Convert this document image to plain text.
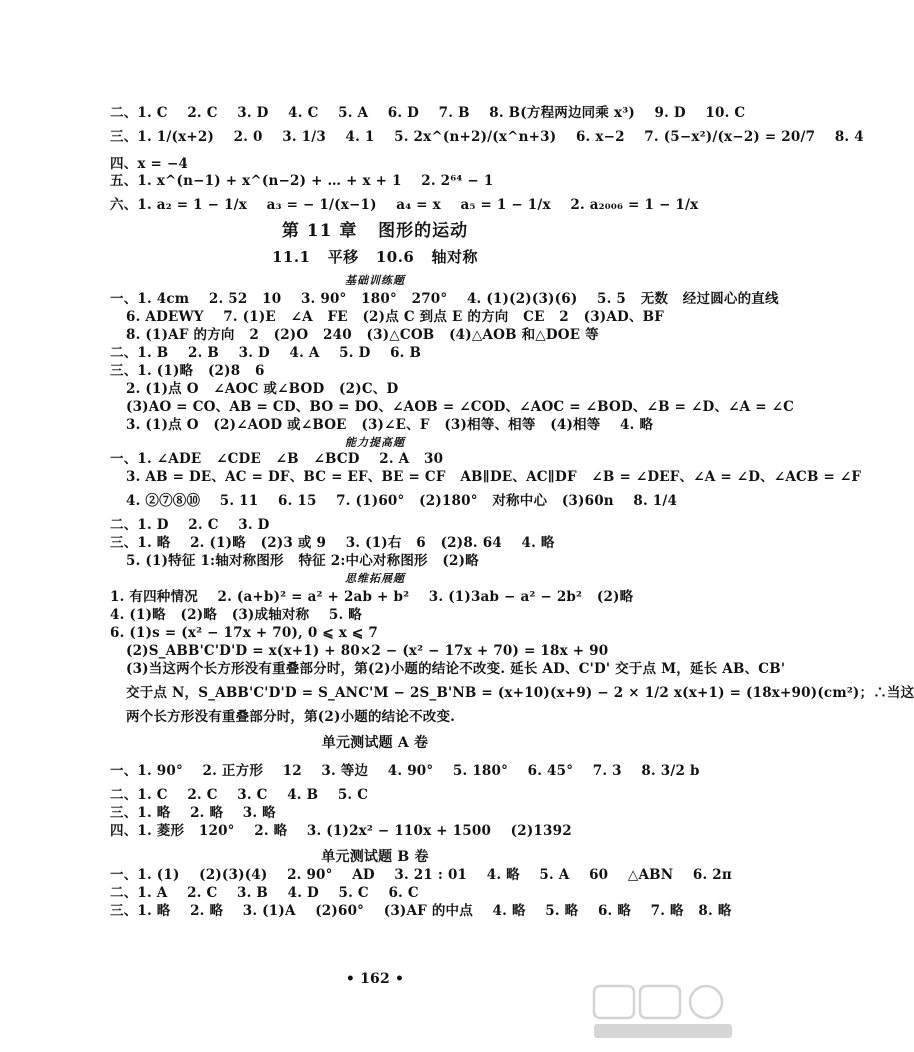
二、1. C    2. C    3. D    4. C    5. A    6. D    7. B    8. B(方程两边同乘 x³)    9. D    10. C
三、1. 1/(x+2)    2. 0    3. 1/3    4. 1    5. 2x^(n+2)/(x^n+3)    6. x−2    7. (5−x²)/(x−2) = 20/7    8. 4
四、x = −4
五、1. x^(n−1) + x^(n−2) + … + x + 1    2. 2⁶⁴ − 1
六、1. a₂ = 1 − 1/x    a₃ = − 1/(x−1)    a₄ = x    a₅ = 1 − 1/x    2. a₂₀₀₆ = 1 − 1/x
第 11 章   图形的运动
11.1   平移   10.6   轴对称
基础训练题
一、1. 4cm    2. 52   10    3. 90°   180°   270°    4. (1)(2)(3)(6)    5. 5   无数   经过圆心的直线
6. ADEWY    7. (1)E   ∠A   FE   (2)点 C 到点 E 的方向   CE   2   (3)AD、BF
8. (1)AF 的方向   2   (2)O   240   (3)△COB   (4)△AOB 和△DOE 等
二、1. B    2. B    3. D    4. A    5. D    6. B
三、1. (1)略   (2)8   6
2. (1)点 O   ∠AOC 或∠BOD   (2)C、D
(3)AO = CO、AB = CD、BO = DO、∠AOB = ∠COD、∠AOC = ∠BOD、∠B = ∠D、∠A = ∠C
3. (1)点 O   (2)∠AOD 或∠BOE   (3)∠E、F   (3)相等、相等   (4)相等    4. 略
能力提高题
一、1. ∠ADE   ∠CDE   ∠B   ∠BCD    2. A   30
3. AB = DE、AC = DF、BC = EF、BE = CF   AB∥DE、AC∥DF   ∠B = ∠DEF、∠A = ∠D、∠ACB = ∠F
4. ②⑦⑧⑩    5. 11    6. 15    7. (1)60°   (2)180°   对称中心   (3)60n    8. 1/4
二、1. D    2. C    3. D
三、1. 略    2. (1)略   (2)3 或 9    3. (1)右   6   (2)8. 64    4. 略
5. (1)特征 1:轴对称图形   特征 2:中心对称图形   (2)略
思维拓展题
1. 有四种情况    2. (a+b)² = a² + 2ab + b²    3. (1)3ab − a² − 2b²   (2)略
4. (1)略   (2)略   (3)成轴对称    5. 略
6. (1)s = (x² − 17x + 70), 0 ⩽ x ⩽ 7
(2)S_ABB'C'D'D = x(x+1) + 80×2 − (x² − 17x + 70) = 18x + 90
(3)当这两个长方形没有重叠部分时，第(2)小题的结论不改变. 延长 AD、C'D' 交于点 M，延长 AB、CB'
交于点 N，S_ABB'C'D'D = S_ANC'M − 2S_B'NB = (x+10)(x+9) − 2 × 1/2 x(x+1) = (18x+90)(cm²)；∴当这
两个长方形没有重叠部分时，第(2)小题的结论不改变.
单元测试题 A 卷
一、1. 90°    2. 正方形    12    3. 等边    4. 90°    5. 180°    6. 45°    7. 3    8. 3/2 b
二、1. C    2. C    3. C    4. B    5. C
三、1. 略    2. 略    3. 略
四、1. 菱形   120°    2. 略    3. (1)2x² − 110x + 1500    (2)1392
单元测试题 B 卷
一、1. (1)    (2)(3)(4)    2. 90°    AD    3. 21 : 01    4. 略    5. A    60    △ABN    6. 2π
二、1. A    2. C    3. B    4. D    5. C    6. C
三、1. 略    2. 略    3. (1)A    (2)60°    (3)AF 的中点    4. 略    5. 略    6. 略    7. 略   8. 略
• 162 •
